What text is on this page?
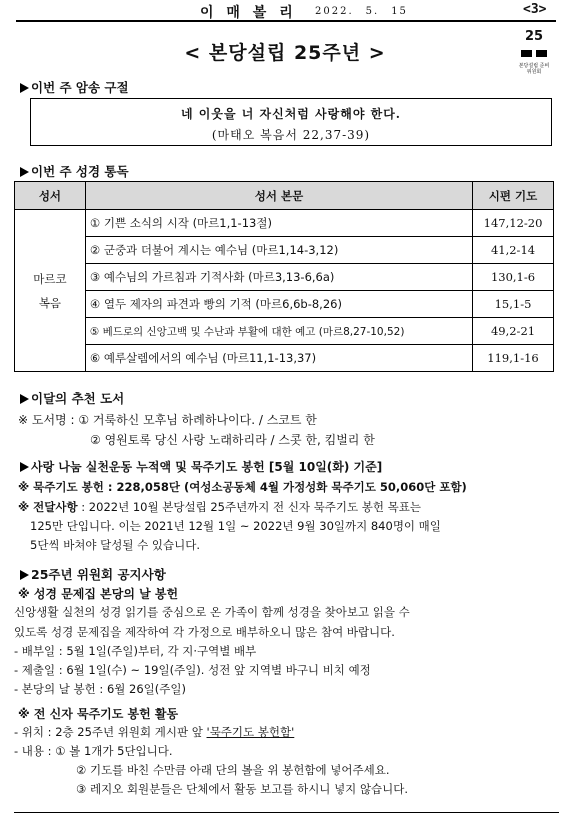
이 매 볼 리 2022. 5. 15	<3>
< 본당설립 25주년 >
25
본당설립 준비위원회
이번 주 암송 구절
네 이웃을 너 자신처럼 사랑해야 한다.
(마태오 복음서 22,37-39)
이번 주 성경 통독
성서	성서 본문	시편 기도

마르코
복음	① 기쁜 소식의 시작 (마르1,1-13절)	147,12-20
	② 군중과 더불어 계시는 예수님 (마르1,14-3,12)	41,2-14
	③ 예수님의 가르침과 기적사화 (마르3,13-6,6a)	130,1-6
	④ 열두 제자의 파견과 빵의 기적 (마르6,6b-8,26)	15,1-5
	⑤ 베드로의 신앙고백 및 수난과 부활에 대한 예고 (마르8,27-10,52)	49,2-21
	⑥ 예루살렘에서의 예수님 (마르11,1-13,37)	119,1-16
이달의 추천 도서
※ 도서명 : ① 거룩하신 모후님 하례하나이다. / 스코트 한
② 영원토록 당신 사랑 노래하리라 / 스콧 한, 킴벌리 한
사랑 나눔 실천운동 누적액 및 묵주기도 봉헌 [5월 10일(화) 기준]
※ 묵주기도 봉헌 : 228,058단 (여성소공동체 4월 가정성화 묵주기도 50,060단 포함)
※ 전달사항 : 2022년 10월 본당설립 25주년까지 전 신자 묵주기도 봉헌 목표는
125만 단입니다. 이는 2021년 12월 1일 ~ 2022년 9월 30일까지 840명이 매일
5단씩 바쳐야 달성될 수 있습니다.
25주년 위원회 공지사항
※ 성경 문제집 본당의 날 봉헌
신앙생활 실천의 성경 읽기를 중심으로 온 가족이 함께 성경을 찾아보고 읽을 수
있도록 성경 문제집을 제작하여 각 가정으로 배부하오니 많은 참여 바랍니다.
- 배부일 : 5월 1일(주일)부터, 각 지·구역별 배부
- 제출일 : 6월 1일(수) ~ 19일(주일). 성전 앞 지역별 바구니 비치 예정
- 본당의 날 봉헌 : 6월 26일(주일)
※ 전 신자 묵주기도 봉헌 활동
- 위치 : 2층 25주년 위원회 게시판 앞 '묵주기도 봉헌함'
- 내용 : ① 볼 1개가 5단입니다.
② 기도를 바친 수만큼 아래 단의 볼을 위 봉헌함에 넣어주세요.
③ 레지오 회원분들은 단체에서 활동 보고를 하시니 넣지 않습니다.
